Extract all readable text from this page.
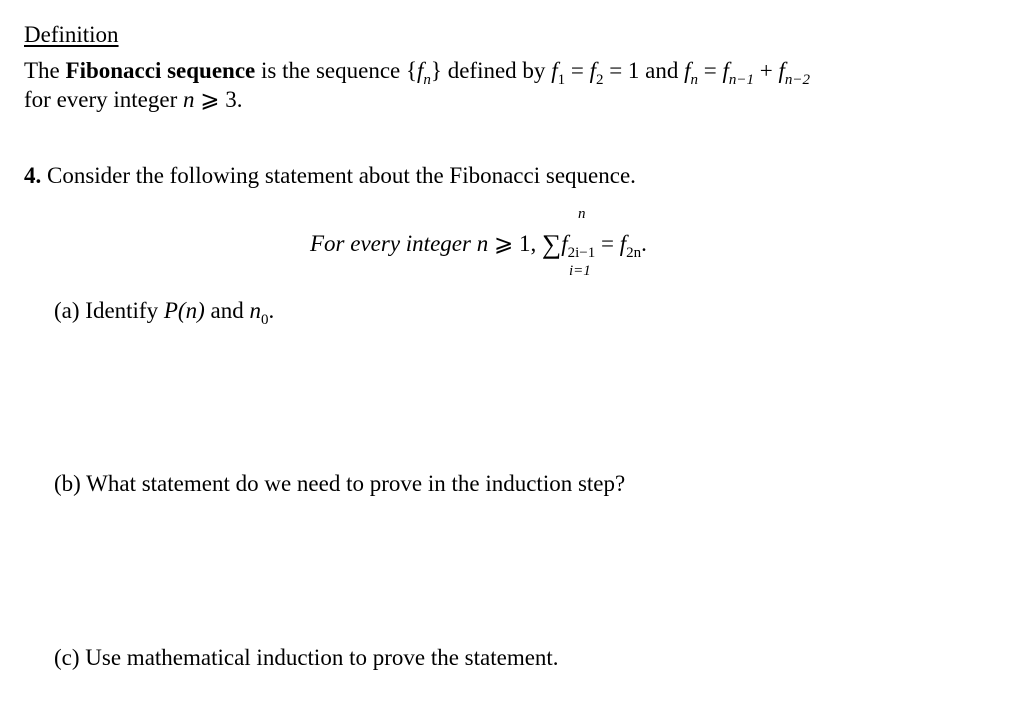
Definition
The Fibonacci sequence is the sequence $\{f_n\}$ defined by $f_1 = f_2 = 1$ and $f_n = f_{n-1} + f_{n-2}$
for every integer n ⩾ 3.
4. Consider the following statement about the Fibonacci sequence.
n
For every integer n ⩾ 1, $\sum f_{2i-1} = f_{2n}$.
i=1
(a) Identify P(n) and $n_0$.
(b) What statement do we need to prove in the induction step?
(c) Use mathematical induction to prove the statement.
